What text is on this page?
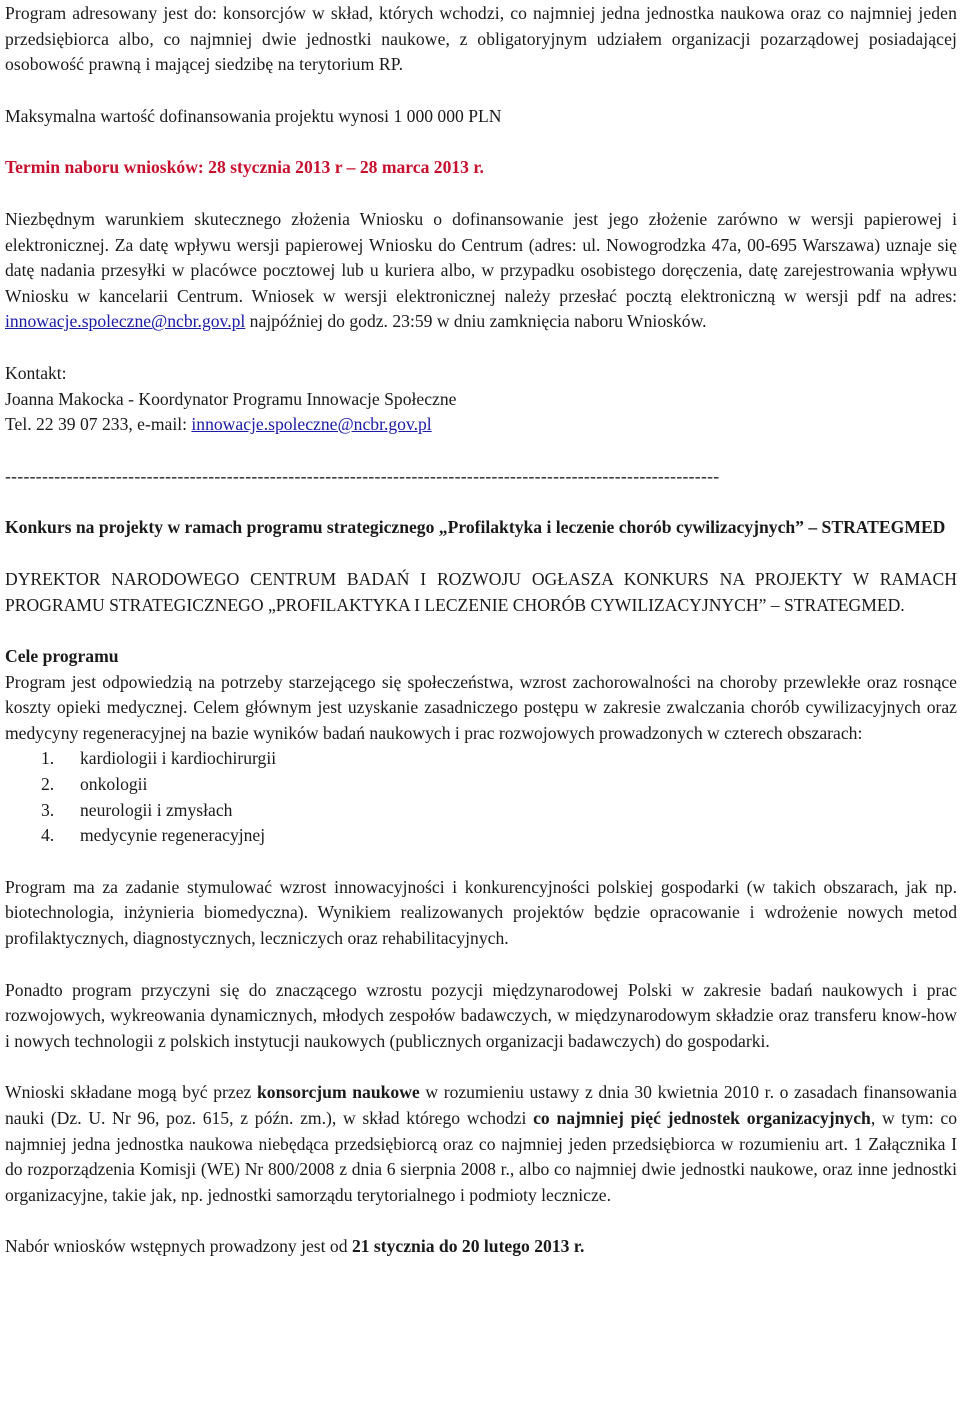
Program adresowany jest do: konsorcjów w skład, których wchodzi, co najmniej jedna jednostka naukowa oraz co najmniej jeden przedsiębiorca albo, co najmniej dwie jednostki naukowe, z obligatoryjnym udziałem organizacji pozarządowej posiadającej osobowość prawną i mającej siedzibę na terytorium RP.

Maksymalna wartość dofinansowania projektu wynosi 1 000 000 PLN

Termin naboru wniosków: 28 stycznia 2013 r – 28 marca 2013 r.

Niezbędnym warunkiem skutecznego złożenia Wniosku o dofinansowanie jest jego złożenie zarówno w wersji papierowej i elektronicznej. Za datę wpływu wersji papierowej Wniosku do Centrum (adres: ul. Nowogrodzka 47a, 00-695 Warszawa) uznaje się datę nadania przesyłki w placówce pocztowej lub u kuriera albo, w przypadku osobistego doręczenia, datę zarejestrowania wpływu Wniosku w kancelarii Centrum. Wniosek w wersji elektronicznej należy przesłać pocztą elektroniczną w wersji pdf na adres: innowacje.spoleczne@ncbr.gov.pl najpóźniej do godz. 23:59 w dniu zamknięcia naboru Wniosków.

Kontakt:

Joanna Makocka - Koordynator Programu Innowacje Społeczne

Tel. 22 39 07 233, e-mail: innowacje.spoleczne@ncbr.gov.pl

--------------------------------------------------------------------------------------------------------------------

Konkurs na projekty w ramach programu strategicznego „Profilaktyka i leczenie chorób cywilizacyjnych” – STRATEGMED

DYREKTOR NARODOWEGO CENTRUM BADAŃ I ROZWOJU OGŁASZA KONKURS NA PROJEKTY W RAMACH PROGRAMU STRATEGICZNEGO „PROFILAKTYKA I LECZENIE CHORÓB CYWILIZACYJNYCH” – STRATEGMED.

Cele programu

Program jest odpowiedzią na potrzeby starzejącego się społeczeństwa, wzrost zachorowalności na choroby przewlekłe oraz rosnące koszty opieki medycznej. Celem głównym jest uzyskanie zasadniczego postępu w zakresie zwalczania chorób cywilizacyjnych oraz medycyny regeneracyjnej na bazie wyników badań naukowych i prac rozwojowych prowadzonych w czterech obszarach:

1. kardiologii i kardiochirurgii
2. onkologii
3. neurologii i zmysłach
4. medycynie regeneracyjnej

Program ma za zadanie stymulować wzrost innowacyjności i konkurencyjności polskiej gospodarki (w takich obszarach, jak np. biotechnologia, inżynieria biomedyczna). Wynikiem realizowanych projektów będzie opracowanie i wdrożenie nowych metod profilaktycznych, diagnostycznych, leczniczych oraz rehabilitacyjnych.

Ponadto program przyczyni się do znaczącego wzrostu pozycji międzynarodowej Polski w zakresie badań naukowych i prac rozwojowych, wykreowania dynamicznych, młodych zespołów badawczych, w międzynarodowym składzie oraz transferu know-how i nowych technologii z polskich instytucji naukowych (publicznych organizacji badawczych) do gospodarki.

Wnioski składane mogą być przez konsorcjum naukowe w rozumieniu ustawy z dnia 30 kwietnia 2010 r. o zasadach finansowania nauki (Dz. U. Nr 96, poz. 615, z późn. zm.), w skład którego wchodzi co najmniej pięć jednostek organizacyjnych, w tym: co najmniej jedna jednostka naukowa niebędąca przedsiębiorcą oraz co najmniej jeden przedsiębiorca w rozumieniu art. 1 Załącznika I do rozporządzenia Komisji (WE) Nr 800/2008 z dnia 6 sierpnia 2008 r., albo co najmniej dwie jednostki naukowe, oraz inne jednostki organizacyjne, takie jak, np. jednostki samorządu terytorialnego i podmioty lecznicze.

Nabór wniosków wstępnych prowadzony jest od 21 stycznia do 20 lutego 2013 r.
